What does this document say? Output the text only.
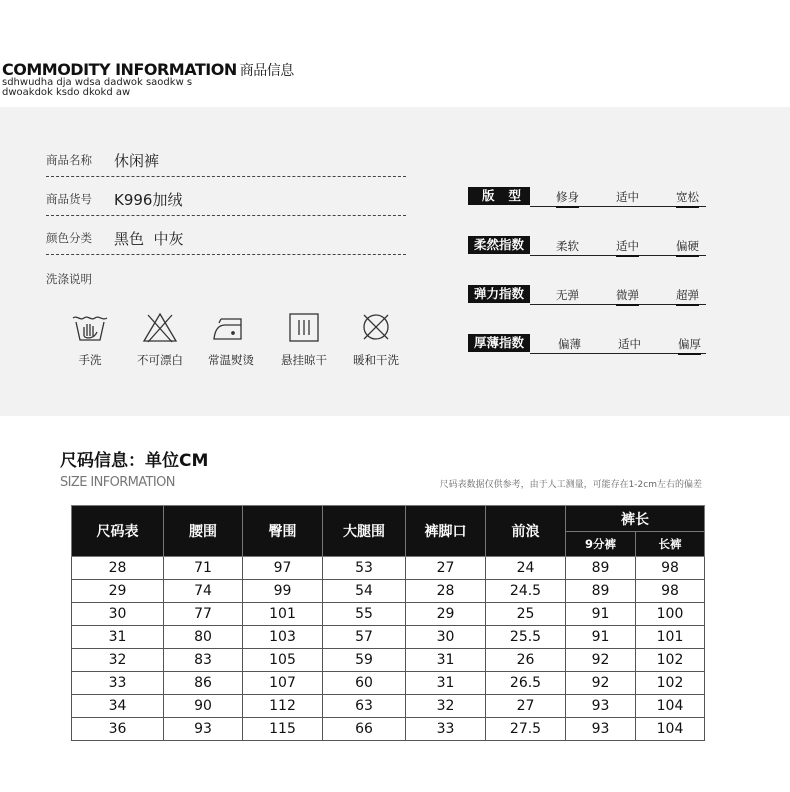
COMMODITY INFORMATION 商品信息
sdhwudha dja wdsa dadwok saodkw s
dwoakdok ksdo dkokd aw
商品名称 休闲裤
商品货号 K996加绒
颜色分类 黑色  中灰
洗涤说明
手洗	不可漂白	常温熨烫	悬挂晾干	暖和干洗
版型 修身	适中	宽松
柔然指数	柔软	适中	偏硬
弹力指数	无弹	微弹	超弹
厚薄指数	偏薄	适中	偏厚
尺码信息：单位CM
SIZE INFORMATION	尺码表数据仅供参考，由于人工测量，可能存在1-2cm左右的偏差
尺码表	腰围	臀围	大腿围	裤脚口	前浪	裤长	
						9分裤	长裤
28	71	97	53	27	24	89	98
29	74	99	54	28	24.5	89	98
30	77	101	55	29	25	91	100
31	80	103	57	30	25.5	91	101
32	83	105	59	31	26	92	102
33	86	107	60	31	26.5	92	102
34	90	112	63	32	27	93	104
36	93	115	66	33	27.5	93	104
